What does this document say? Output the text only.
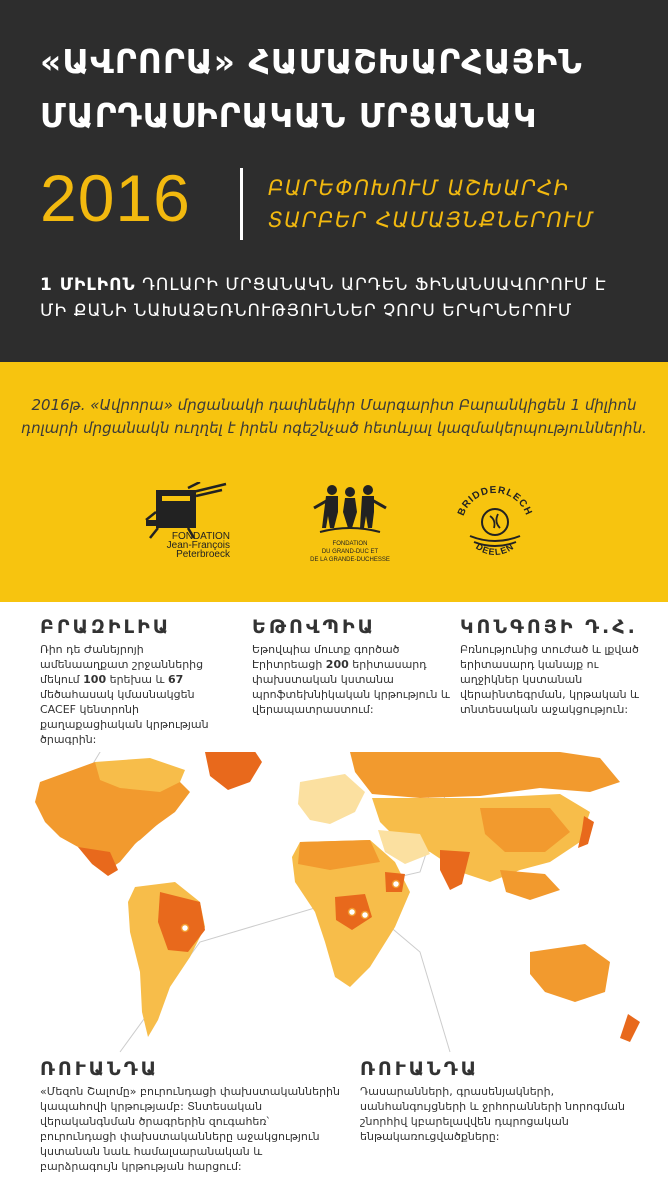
«ԱՎՐՈՐԱ» ՀԱՄԱՇԽԱՐՀԱՅԻՆ
ՄԱՐԴԱՍԻՐԱԿԱՆ ՄՐՑԱՆԱԿ
2016	ԲԱՐԵՓՈԽՈՒՄ ԱՇԽԱՐՀԻ
ՏԱՐԲԵՐ ՀԱՄԱՅՆՔՆԵՐՈՒՄ
1 ՄԻԼԻՈՆ ԴՈԼԱՐԻ ՄՐՑԱՆԱԿՆ ԱՐԴԵՆ ՖԻՆԱՆՍԱՎՈՐՈՒՄ Է
ՄԻ ՔԱՆԻ ՆԱԽԱՁԵՌՆՈՒԹՅՈՒՆՆԵՐ ՉՈՐՍ ԵՐԿՐՆԵՐՈՒՄ
2016թ. «Ավրորա» մրցանակի դափնեկիր Մարգարիտ Բարանկիցեն 1 միլիոն դոլարի մրցանակն ուղղել է իրեն ոգեշնչած հետևյալ կազմակերպություններին.
FONDATION
Jean-François
Peterbroeck
FONDATION
DU GRAND-DUC ET
DE LA GRANDE-DUCHESSE
BRIDDERLECH
DEELEN
ԲՐԱԶԻԼԻԱ
Ռիո դե Ժանեյրոյի ամենաաղքատ շրջաններից մեկում 100 երեխա և 67 մեծահասակ կմասնակցեն CACEF կենտրոնի քաղաքացիական կրթության ծրագրին:
ԵԹՈՎՊԻԱ
Եթովպիա մուտք գործած Էրիտրեացի 200 երիտասարդ փախստական կստանա պրոֆտեխնիկական կրթություն և վերապատրաստում:
ԿՈՆԳՈՅԻ Դ.Հ.
Բռնությունից տուժած և լքված երիտասարդ կանայք ու աղջիկներ կստանան վերաինտեգրման, կրթական և տնտեսական աջակցություն:
ՌՈՒԱՆԴԱ
«Մեզոն Շալոմը» բուրունդացի փախստականներին կապահովի կրթությամբ: Տնտեսական վերականգնման ծրագրերին զուգահեռ՝ բուրունդացի փախստականները աջակցություն կստանան նաև համալսարանական և բարձրագույն կրթության հարցում:
ՌՈՒԱՆԴԱ
Դասարանների, գրասենյակների, սանհանգույցների և ջրհորանների նորոգման շնորհիվ կբարելավվեն դպրոցական ենթակառուցվածքները:
